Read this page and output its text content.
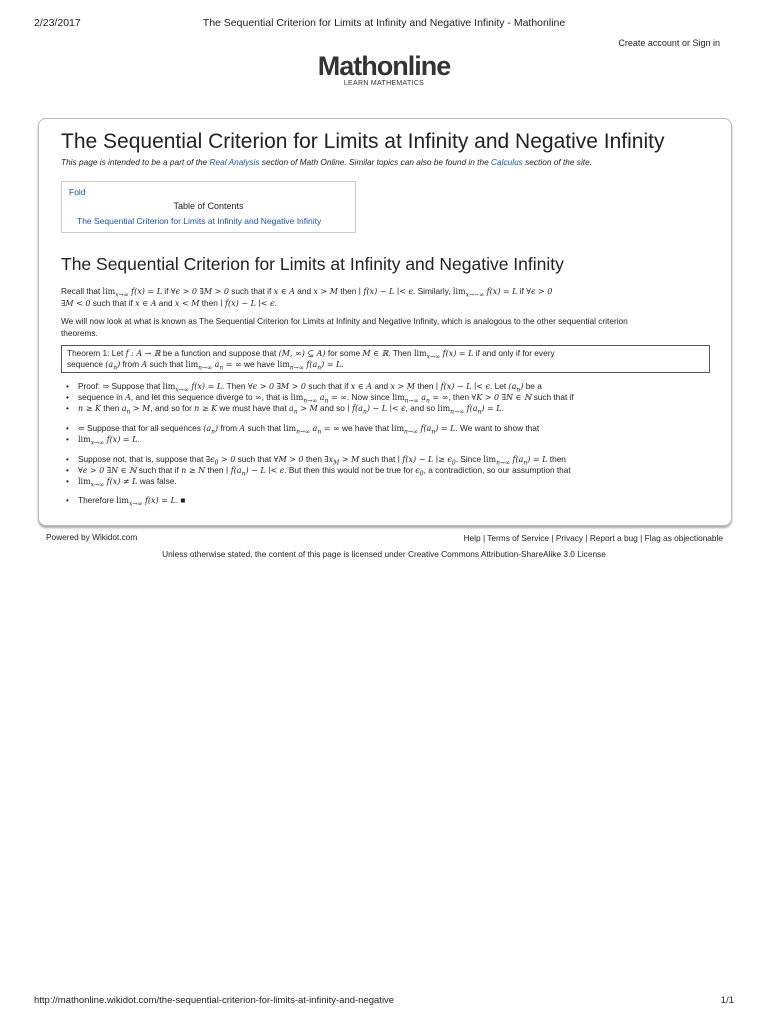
2/23/2017	The Sequential Criterion for Limits at Infinity and Negative Infinity - Mathonline
Create account or Sign in
Mathonline
LEARN MATHEMATICS
The Sequential Criterion for Limits at Infinity and Negative Infinity
This page is intended to be a part of the Real Analysis section of Math Online. Similar topics can also be found in the Calculus section of the site.
Fold
Table of Contents
The Sequential Criterion for Limits at Infinity and Negative Infinity
The Sequential Criterion for Limits at Infinity and Negative Infinity
Recall that $\lim_{x\to\infty} f(x) = L$ if ∀ϵ > 0 ∃M > 0 such that if x ∈ A and x > M then ∣ f(x) − L ∣< ϵ. Similarly, $\lim_{x\to-\infty} f(x) = L$ if ∀ϵ > 0
∃M < 0 such that if x ∈ A and x < M then ∣ f(x) − L ∣< ϵ.
We will now look at what is known as The Sequential Criterion for Limits at Infinity and Negative Infinity, which is analogous to the other sequential criterion
theorems.
Theorem 1: Let f : A → ℝ be a function and suppose that (M, ∞) ⊆ A) for some M ∈ ℝ. Then $\lim_{x\to\infty} f(x) = L$ if and only if for every
sequence $(a_n)$ from A such that $\lim_{n\to\infty} a_n$ = ∞ we have $\lim_{n\to\infty} f(a_n) = L$.
• Proof: ⇒ Suppose that $\lim_{x\to\infty} f(x) = L$. Then ∀ϵ > 0 ∃M > 0 such that if x ∈ A and x > M then ∣ f(x) − L ∣< ϵ. Let $(a_n)$ be a
• sequence in A, and let this sequence diverge to ∞, that is $\lim_{n\to\infty} a_n$ = ∞. Now since $\lim_{n\to\infty} a_n$ = ∞, then ∀K > 0 ∃N ∈ ℕ such that if
• n ≥ K then $a_n > M$, and so for n ≥ K we must have that $a_n > M$ and so ∣ $f(a_n) - L$ ∣< ϵ, and so $\lim_{n\to\infty} f(a_n) = L$.
• ⇐ Suppose that for all sequences $(a_n)$ from A such that $\lim_{n\to\infty} a_n$ = ∞ we have that $\lim_{n\to\infty} f(a_n) = L$. We want to show that
• $\lim_{x\to\infty} f(x) = L$.
• Suppose not, that is, suppose that $\exists\epsilon_0 > 0$ such that ∀M > 0 then $\exists x_M > M$ such that ∣ f(x) − L ∣≥ $\epsilon_0$. Since $\lim_{n\to\infty} f(a_n) = L$ then
• ∀ϵ > 0 ∃N ∈ ℕ such that if n ≥ N then ∣ $f(a_n) - L$ ∣< ϵ. But then this would not be true for $\epsilon_0$, a contradiction, so our assumption that
• $\lim_{x\to\infty} f(x) \ne L$ was false.
• Therefore $\lim_{x\to\infty} f(x) = L$. ■
Powered by Wikidot.com	Help | Terms of Service | Privacy | Report a bug | Flag as objectionable
Unless otherwise stated, the content of this page is licensed under Creative Commons Attribution-ShareAlike 3.0 License
http://mathonline.wikidot.com/the-sequential-criterion-for-limits-at-infinity-and-negative	1/1
